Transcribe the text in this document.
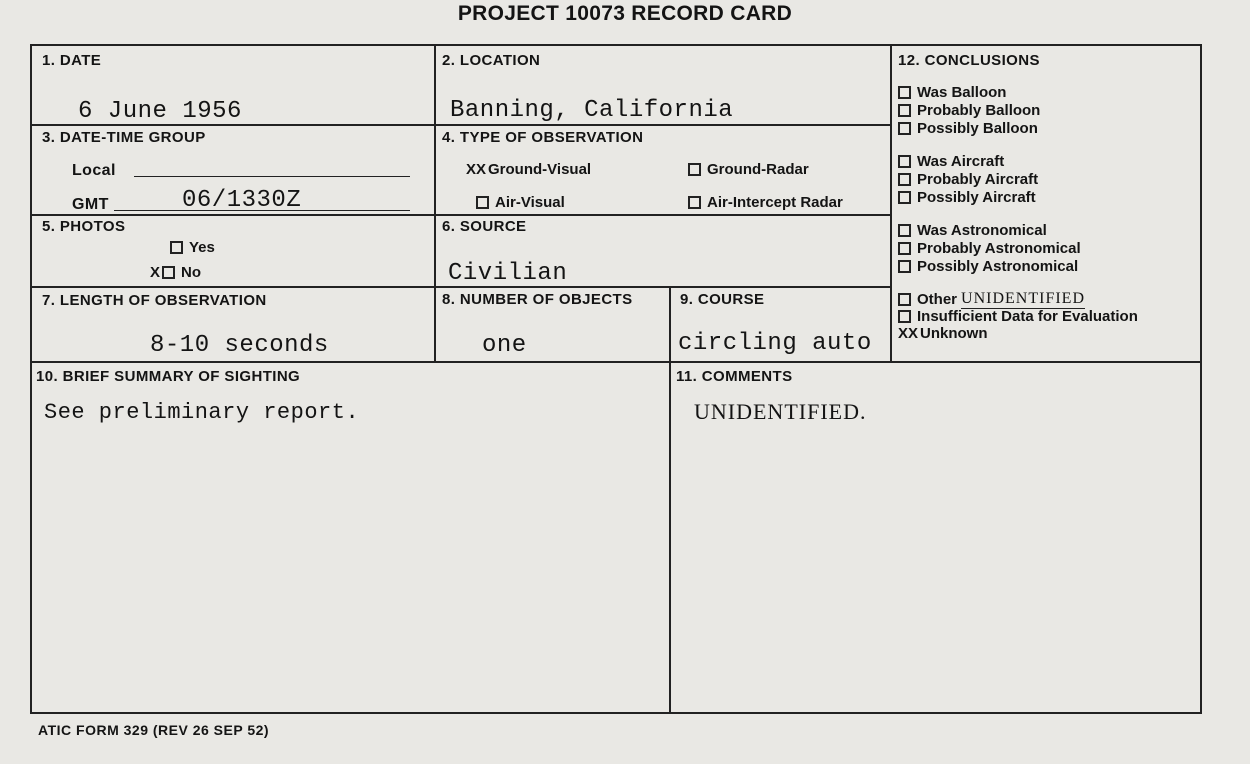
PROJECT 10073 RECORD CARD
1. DATE
6 June 1956
2. LOCATION
Banning, California
3. DATE-TIME GROUP
Local
GMT	06/1330Z
4. TYPE OF OBSERVATION
XX Ground-Visual	Ground-Radar
Air-Visual	Air-Intercept Radar
5. PHOTOS
Yes
X No
6. SOURCE
Civilian
7. LENGTH OF OBSERVATION
8-10 seconds
8. NUMBER OF OBJECTS
one
9. COURSE
circling auto
10. BRIEF SUMMARY OF SIGHTING
See preliminary report.
11. COMMENTS
UNIDENTIFIED.
12. CONCLUSIONS
Was Balloon
Probably Balloon
Possibly Balloon
Was Aircraft
Probably Aircraft
Possibly Aircraft
Was Astronomical
Probably Astronomical
Possibly Astronomical
Other UNIDENTIFIED
Insufficient Data for Evaluation
XX Unknown
ATIC FORM 329 (REV 26 SEP 52)
